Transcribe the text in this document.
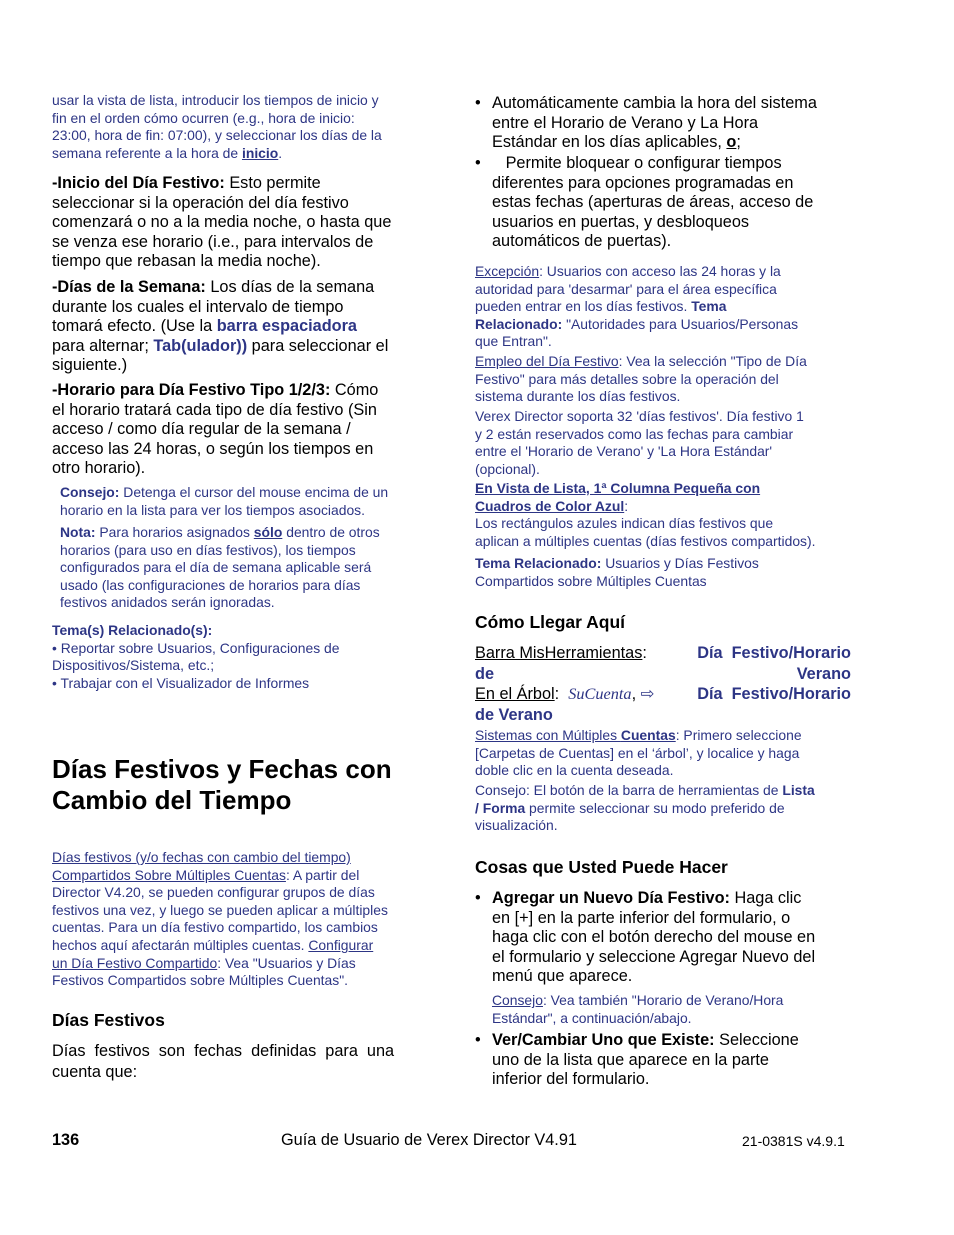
usar la vista de lista, introducir los tiempos de inicio y
fin en el orden cómo ocurren (e.g., hora de inicio:
23:00, hora de fin: 07:00), y seleccionar los días de la
semana referente a la hora de inicio.
-Inicio del Día Festivo: Esto permite
seleccionar si la operación del día festivo
comenzará o no a la media noche, o hasta que
se venza ese horario (i.e., para intervalos de
tiempo que rebasan la media noche).
-Días de la Semana: Los días de la semana
durante los cuales el intervalo de tiempo
tomará efecto. (Use la barra espaciadora
para alternar; Tab(ulador)) para seleccionar el
siguiente.)
-Horario para Día Festivo Tipo 1/2/3: Cómo
el horario tratará cada tipo de día festivo (Sin
acceso / como día regular de la semana /
acceso las 24 horas, o según los tiempos en
otro horario).
Consejo: Detenga el cursor del mouse encima de un
horario en la lista para ver los tiempos asociados.
Nota: Para horarios asignados sólo dentro de otros
horarios (para uso en días festivos), los tiempos
configurados para el día de semana aplicable será
usado (las configuraciones de horarios para días
festivos anidados serán ignoradas.
Tema(s) Relacionado(s):
• Reportar sobre Usuarios, Configuraciones de
Dispositivos/Sistema, etc.;
• Trabajar con el Visualizador de Informes
Días Festivos y Fechas con
Cambio del Tiempo
Días festivos (y/o fechas con cambio del tiempo)
Compartidos Sobre Múltiples Cuentas: A partir del
Director V4.20, se pueden configurar grupos de días
festivos una vez, y luego se pueden aplicar a múltiples
cuentas. Para un día festivo compartido, los cambios
hechos aquí afectarán múltiples cuentas. Configurar
un Día Festivo Compartido: Vea "Usuarios y Días
Festivos Compartidos sobre Múltiples Cuentas".
Días Festivos
Días  festivos  son  fechas  definidas  para  una
cuenta que:
• Automáticamente cambia la hora del sistema
entre el Horario de Verano y La Hora
Estándar en los días aplicables, o;
• Permite bloquear o configurar tiempos
diferentes para opciones programadas en
estas fechas (aperturas de áreas, acceso de
usuarios en puertas, y desbloqueos
automáticos de puertas).
Excepción: Usuarios con acceso las 24 horas y la
autoridad para 'desarmar' para el área específica
pueden entrar en los días festivos. Tema
Relacionado: "Autoridades para Usuarios/Personas
que Entran".
Empleo del Día Festivo: Vea la selección "Tipo de Día
Festivo" para más detalles sobre la operación del
sistema durante los días festivos.
Verex Director soporta 32 'días festivos'. Día festivo 1
y 2 están reservados como las fechas para cambiar
entre el 'Horario de Verano' y 'La Hora Estándar'
(opcional).
En Vista de Lista, 1ª Columna Pequeña con
Cuadros de Color Azul:
Los rectángulos azules indican días festivos que
aplican a múltiples cuentas (días festivos compartidos).
Tema Relacionado: Usuarios y Días Festivos
Compartidos sobre Múltiples Cuentas
Cómo Llegar Aquí
Barra MisHerramientas:	Día  Festivo/Horario
de	Verano
En el Árbol: SuCuenta, ⇨	Día  Festivo/Horario
de Verano
Sistemas con Múltiples Cuentas: Primero seleccione
[Carpetas de Cuentas] en el ‘árbol’, y localice y haga
doble clic en la cuenta deseada.
Consejo: El botón de la barra de herramientas de Lista
/ Forma permite seleccionar su modo preferido de
visualización.
Cosas que Usted Puede Hacer
• Agregar un Nuevo Día Festivo: Haga clic
en [+] en la parte inferior del formulario, o
haga clic con el botón derecho del mouse en
el formulario y seleccione Agregar Nuevo del
menú que aparece.
Consejo: Vea también "Horario de Verano/Hora
Estándar", a continuación/abajo.
• Ver/Cambiar Uno que Existe: Seleccione
uno de la lista que aparece en la parte
inferior del formulario.
136	Guía de Usuario de Verex Director V4.91	21-0381S v4.9.1
